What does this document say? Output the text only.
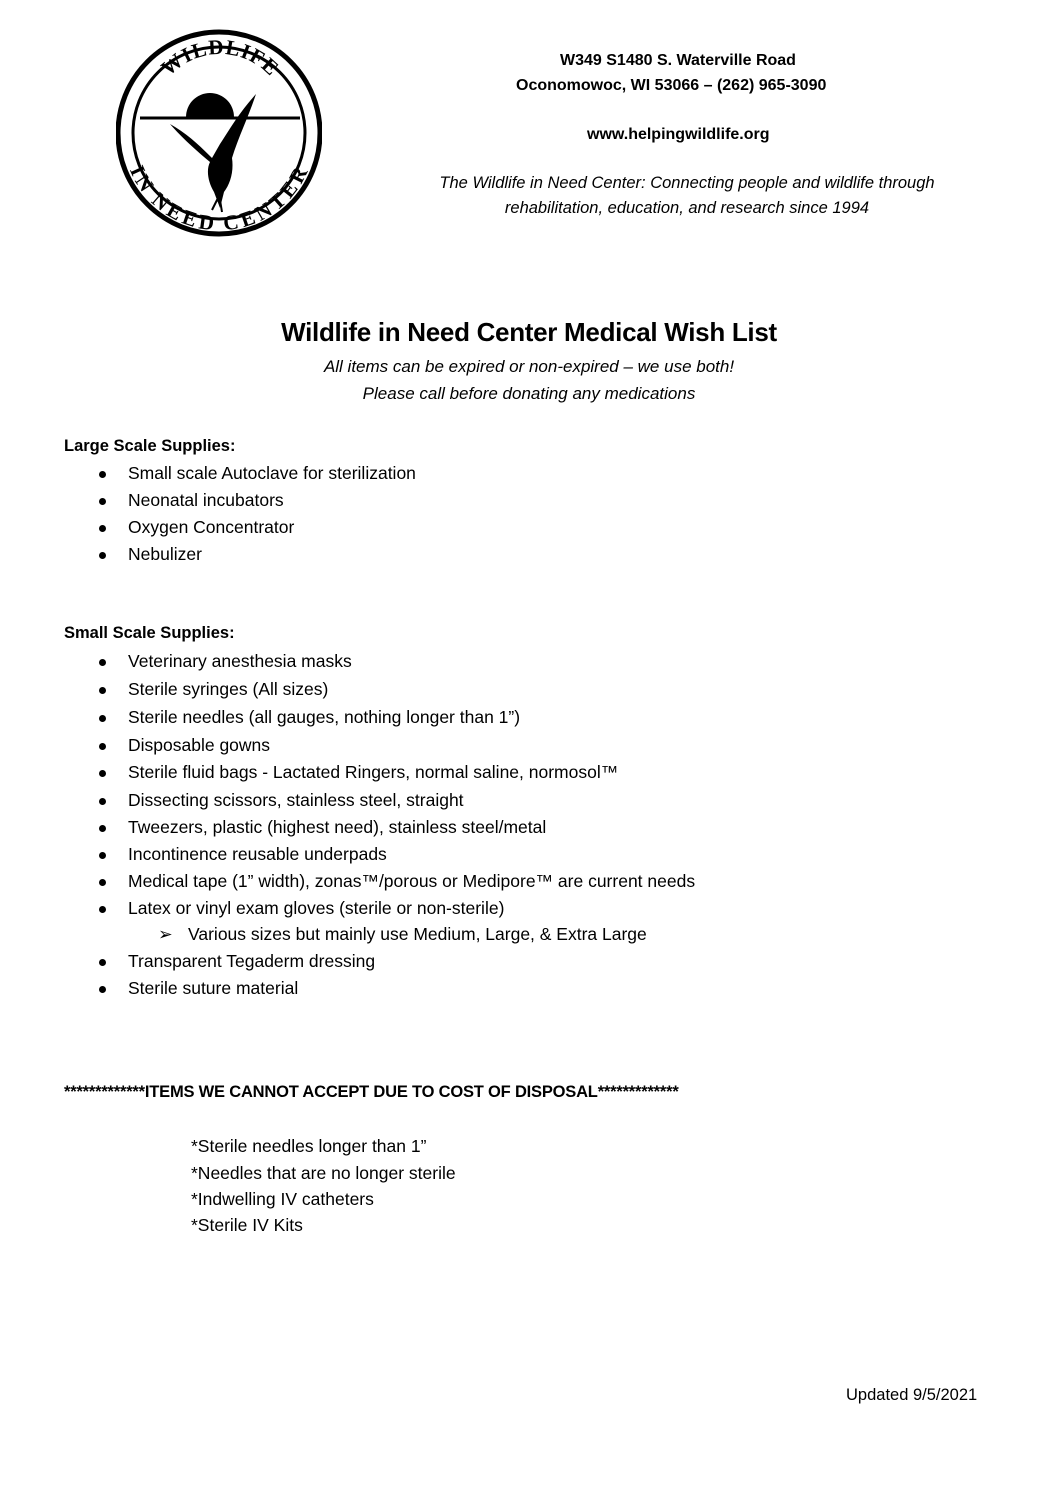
WILDLIFE
IN NEED CENTER
W349 S1480 S. Waterville Road
Oconomowoc, WI 53066 – (262) 965-3090
www.helpingwildlife.org
The Wildlife in Need Center: Connecting people and wildlife through
rehabilitation, education, and research since 1994
Wildlife in Need Center Medical Wish List
All items can be expired or non-expired – we use both!
Please call before donating any medications
Large Scale Supplies:
Small scale Autoclave for sterilization
Neonatal incubators
Oxygen Concentrator
Nebulizer
Small Scale Supplies:
Veterinary anesthesia masks
Sterile syringes (All sizes)
Sterile needles (all gauges, nothing longer than 1”)
Disposable gowns
Sterile fluid bags - Lactated Ringers, normal saline, normosol™
Dissecting scissors, stainless steel, straight
Tweezers, plastic (highest need), stainless steel/metal
Incontinence reusable underpads
Medical tape (1” width), zonas™/porous or Medipore™ are current needs
Latex or vinyl exam gloves (sterile or non-sterile)
Transparent Tegaderm dressing
Sterile suture material
➢ Various sizes but mainly use Medium, Large, & Extra Large
*************ITEMS WE CANNOT ACCEPT DUE TO COST OF DISPOSAL*************
*Sterile needles longer than 1”
*Needles that are no longer sterile
*Indwelling IV catheters
*Sterile IV Kits
Updated 9/5/2021
